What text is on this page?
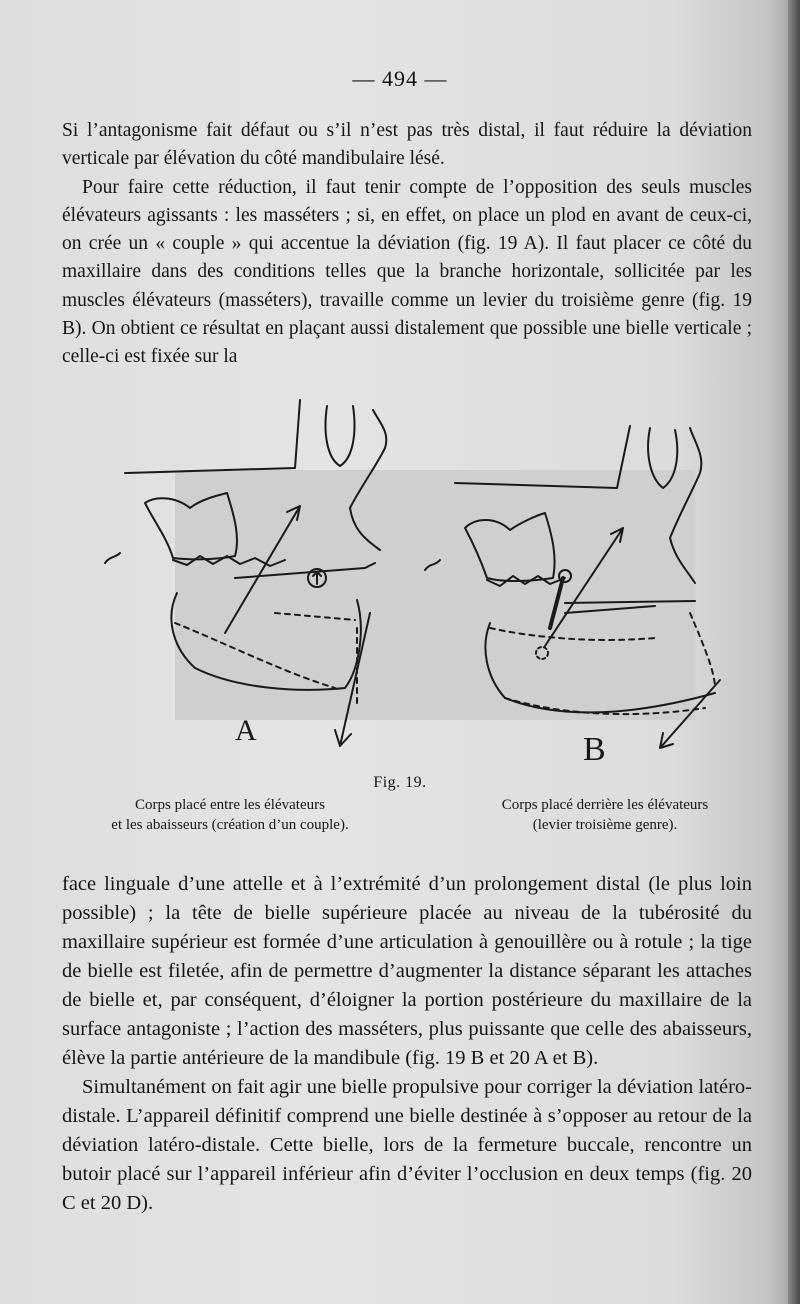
— 494 —

Si l’antagonisme fait défaut ou s’il n’est pas très distal, il faut réduire la déviation verticale par élévation du côté mandibulaire lésé.

Pour faire cette réduction, il faut tenir compte de l’opposition des seuls muscles élévateurs agissants : les masséters ; si, en effet, on place un plod en avant de ceux-ci, on crée un « couple » qui accentue la déviation (fig. 19 A). Il faut placer ce côté du maxillaire dans des conditions telles que la branche horizontale, sollicitée par les muscles élévateurs (masséters), travaille comme un levier du troisième genre (fig. 19 B). On obtient ce résultat en plaçant aussi distalement que possible une bielle verticale ; celle-ci est fixée sur la

A
B
Fig. 19.
Corps placé entre les élévateurs
et les abaisseurs (création d’un couple).
Corps placé derrière les élévateurs
(levier troisième genre).

face linguale d’une attelle et à l’extrémité d’un prolongement distal (le plus loin possible) ; la tête de bielle supérieure placée au niveau de la tubérosité du maxillaire supérieur est formée d’une articulation à genouillère ou à rotule ; la tige de bielle est filetée, afin de permettre d’augmenter la distance séparant les attaches de bielle et, par conséquent, d’éloigner la portion postérieure du maxillaire de la surface antagoniste ; l’action des masséters, plus puissante que celle des abaisseurs, élève la partie antérieure de la mandibule (fig. 19 B et 20 A et B).

Simultanément on fait agir une bielle propulsive pour corriger la déviation latéro-distale. L’appareil définitif comprend une bielle destinée à s’opposer au retour de la déviation latéro-distale. Cette bielle, lors de la fermeture buccale, rencontre un butoir placé sur l’appareil inférieur afin d’éviter l’occlusion en deux temps (fig. 20 C et 20 D).
